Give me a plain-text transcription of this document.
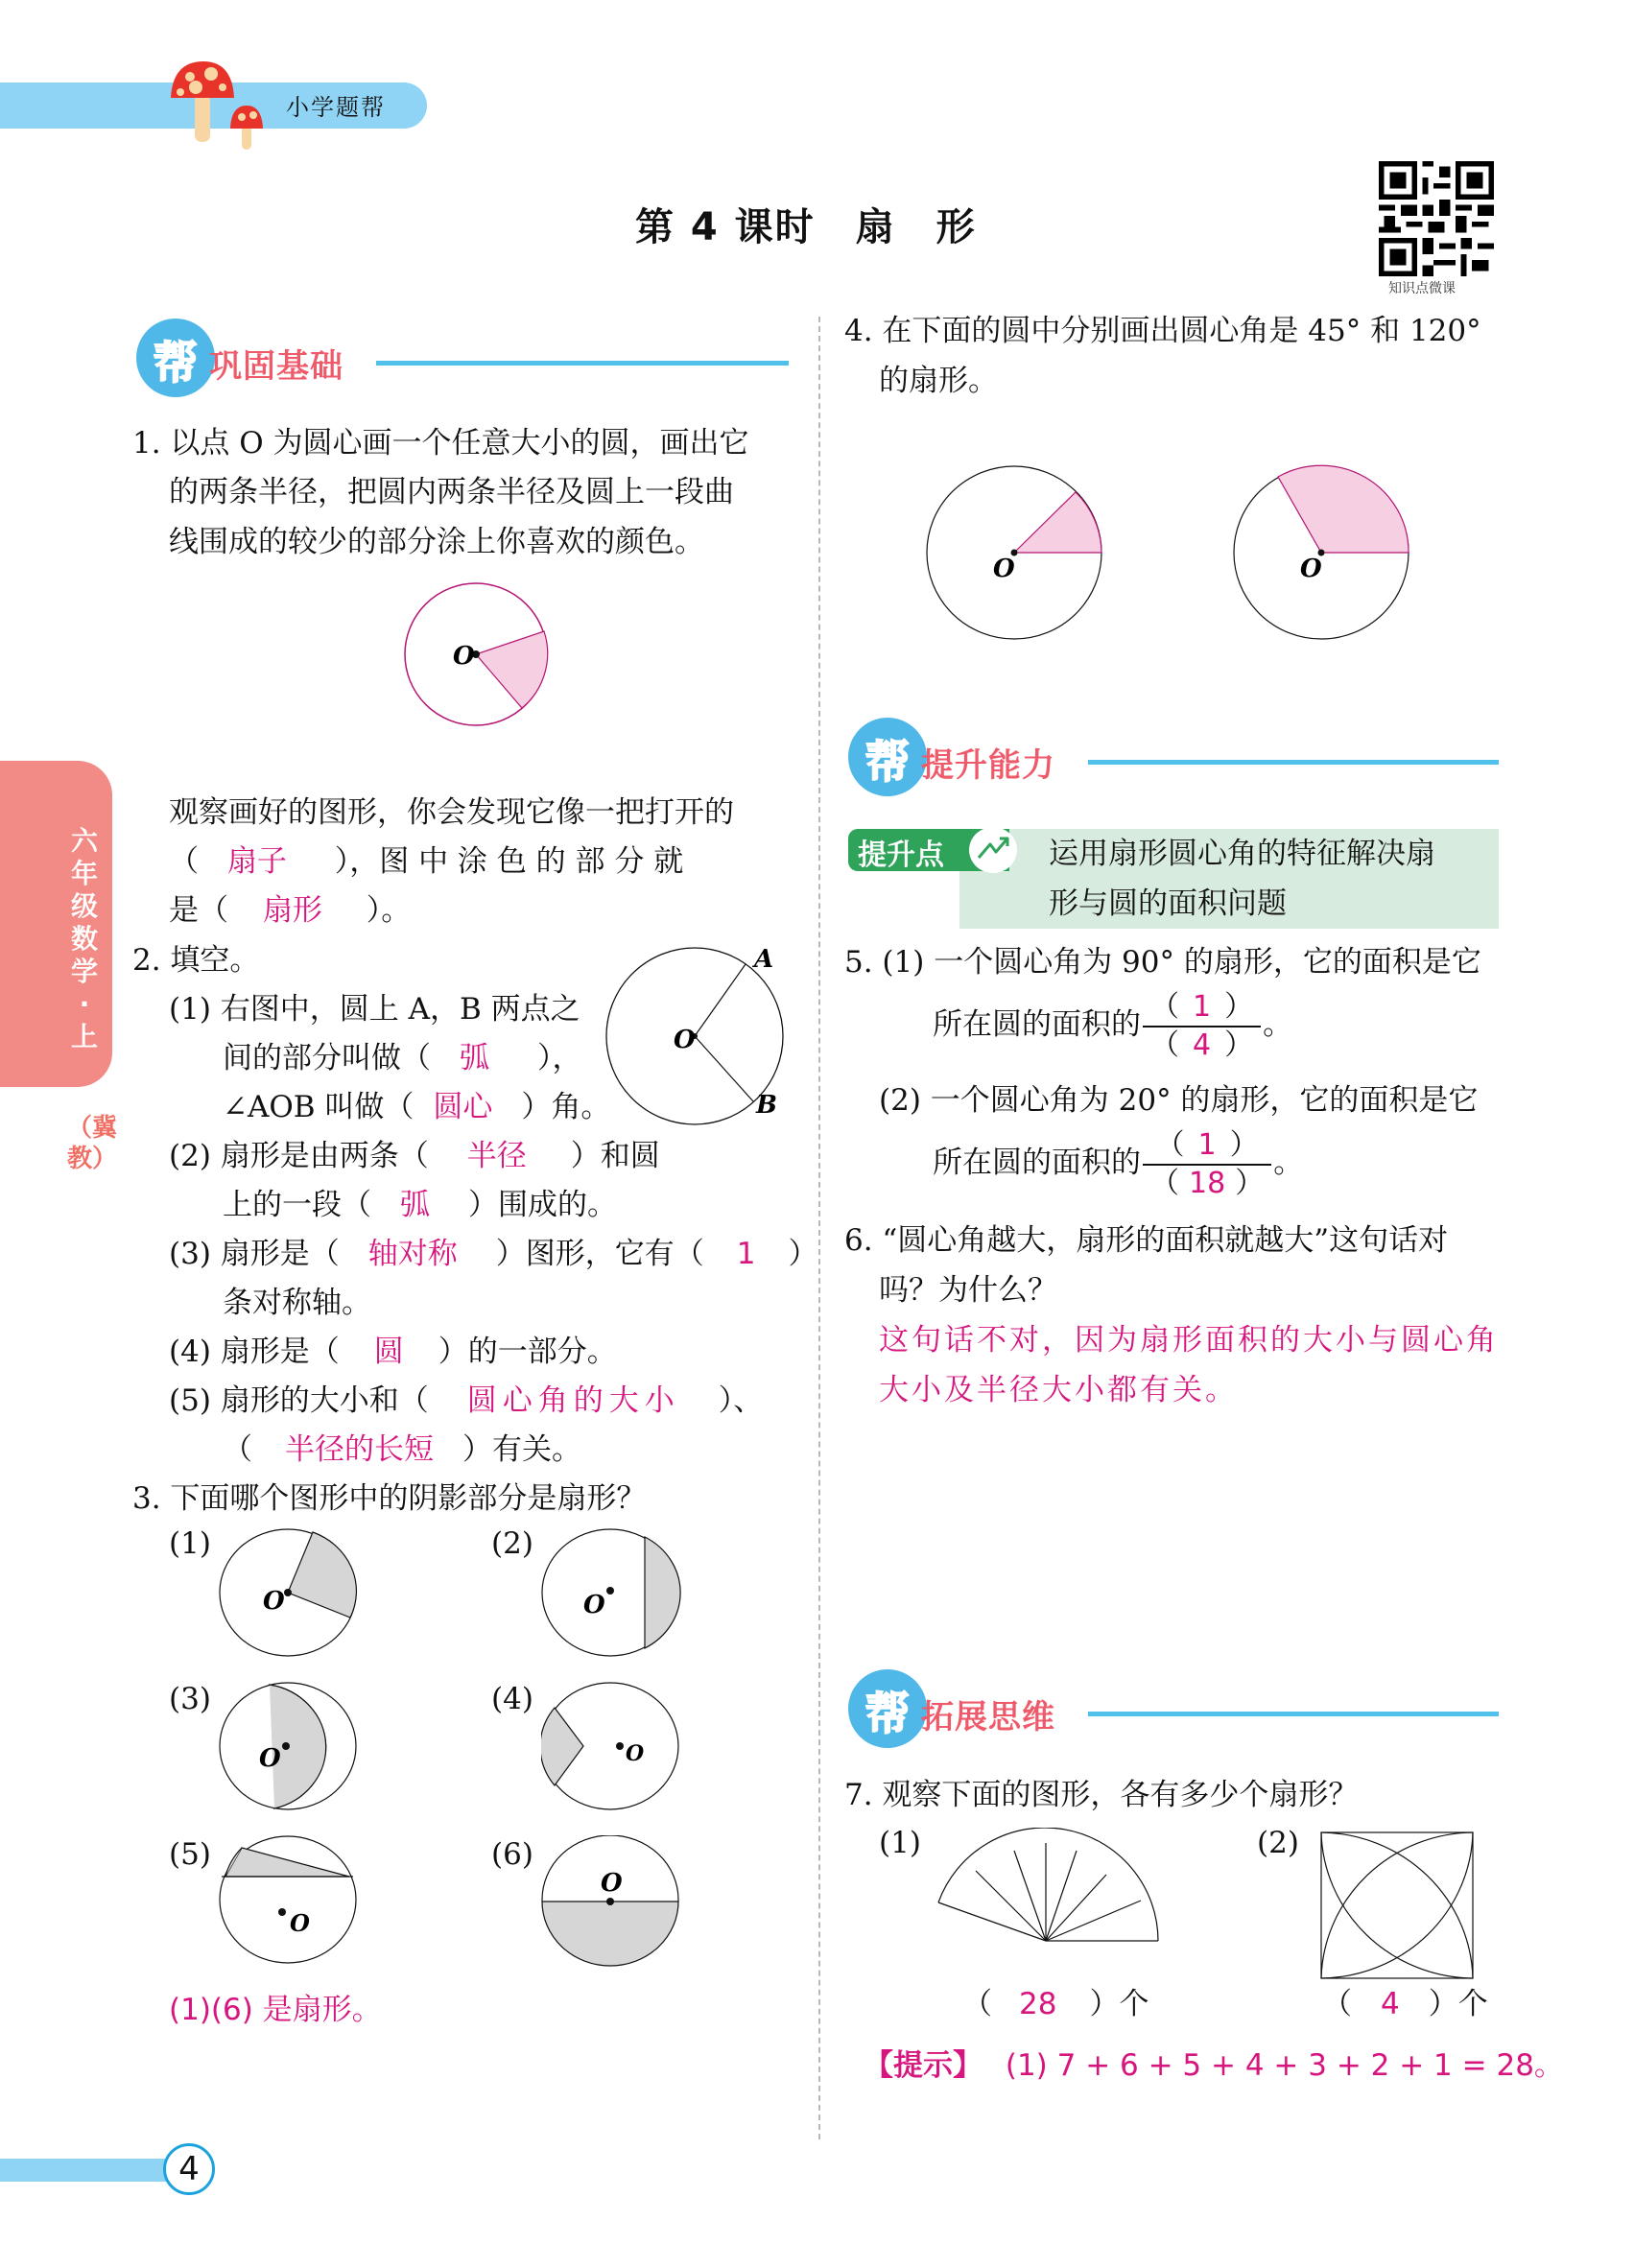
小学题帮
第 4 课时　扇　形
知识点微课
六年级数学·上
（冀教）
帮 巩固基础
1. 以点 O 为圆心画一个任意大小的圆，画出它
的两条半径，把圆内两条半径及圆上一段曲
线围成的较少的部分涂上你喜欢的颜色。
O
观察画好的图形，你会发现它像一把打开的
（ 扇子 ），图 中 涂 色 的 部 分 就
是（ 扇形 ）。
2. 填空。
(1) 右图中，圆上 A，B 两点之
间的部分叫做（ 弧 ），
∠AOB 叫做（ 圆心 ）角。
O
A
B
(2) 扇形是由两条（ 半径 ）和圆
上的一段（ 弧 ）围成的。
(3) 扇形是（ 轴对称 ）图形，它有（ 1 ）
条对称轴。
(4) 扇形是（ 圆 ）的一部分。
(5) 扇形的大小和（ 圆心角的大小 ）、
（ 半径的长短 ）有关。
3. 下面哪个图形中的阴影部分是扇形？
(1)
O
(2)
O
(3)
O
(4)
O
(5)
O
(6)
O
(1)(6) 是扇形。
4. 在下面的圆中分别画出圆心角是 45° 和 120°
的扇形。
O	O
帮 提升能力
提升点	运用扇形圆心角的特征解决扇
形与圆的面积问题
5. (1) 一个圆心角为 90° 的扇形，它的面积是它
所在圆的面积的 $\frac{( 1 )}{( 4 )}$ 。
(2) 一个圆心角为 20° 的扇形，它的面积是它
所在圆的面积的 $\frac{( 1 )}{( 18 )}$ 。
6. “圆心角越大，扇形的面积就越大”这句话对
吗？为什么？
这句话不对，因为扇形面积的大小与圆心角
大小及半径大小都有关。
帮 拓展思维
7. 观察下面的图形，各有多少个扇形？
(1)
（ 28 ）个
(2)
（ 4 ）个
【提示】 (1) 7 + 6 + 5 + 4 + 3 + 2 + 1 = 28。
4
